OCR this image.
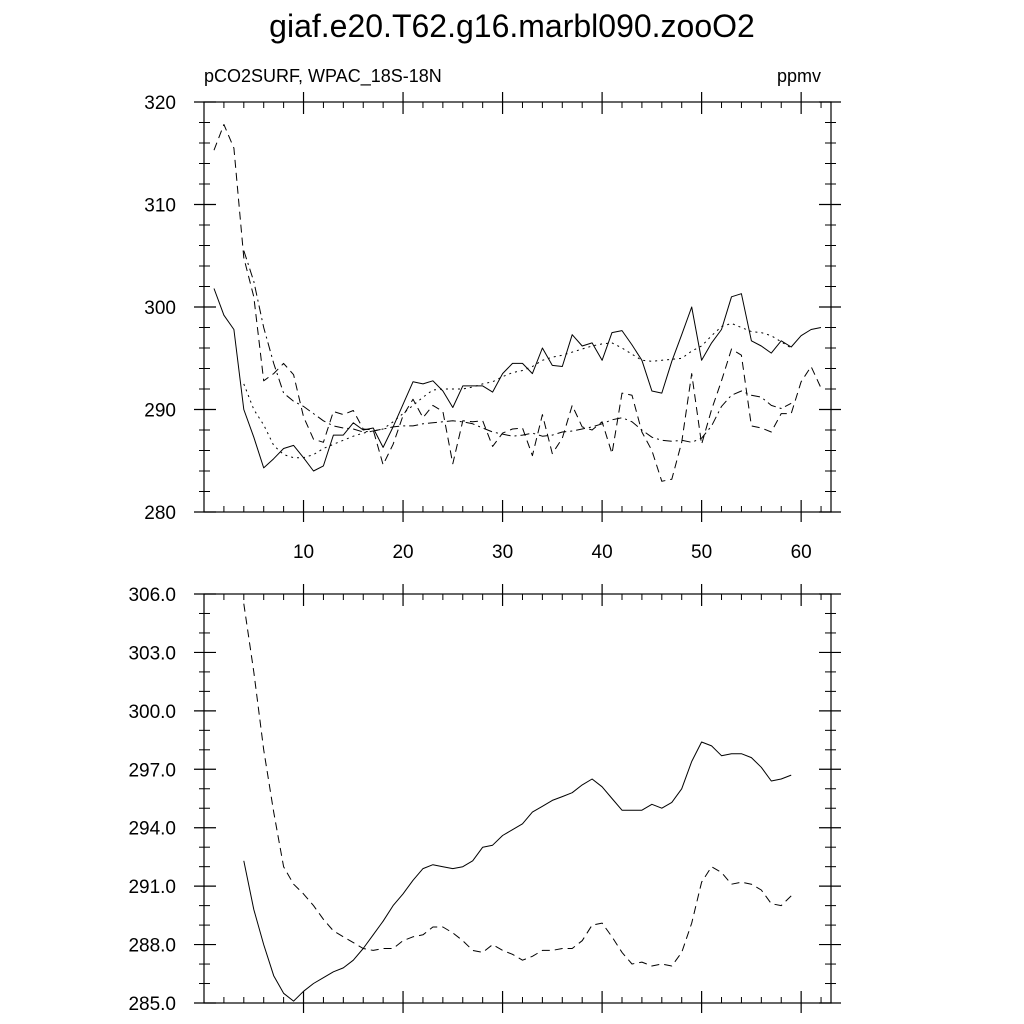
giaf.e20.T62.g16.marbl090.zooO2
pCO2SURF, WPAC_18S-18N	ppmv
10	20	30	40	50	60
280
290
300
310
320
285.0
288.0
291.0
294.0
297.0
300.0
303.0
306.0
